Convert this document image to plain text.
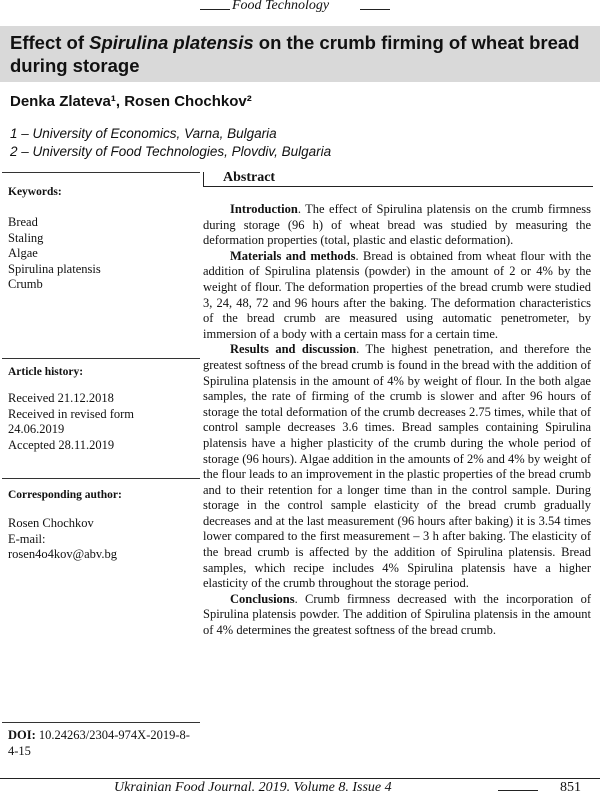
Food Technology
Effect of Spirulina platensis on the crumb firming of wheat bread during storage
Denka Zlateva¹, Rosen Chochkov²
1 – University of Economics, Varna, Bulgaria
2 – University of Food Technologies, Plovdiv, Bulgaria
Keywords:
Bread
Staling
Algae
Spirulina platensis
Crumb
Article history:
Received 21.12.2018
Received in revised form
24.06.2019
Accepted 28.11.2019
Corresponding author:
Rosen Chochkov
E-mail:
rosen4o4kov@abv.bg
DOI: 10.24263/2304-974X-2019-8-4-15
Abstract

Introduction. The effect of Spirulina platensis on the crumb firmness during storage (96 h) of wheat bread was studied by measuring the deformation properties (total, plastic and elastic deformation).

Materials and methods. Bread is obtained from wheat flour with the addition of Spirulina platensis (powder) in the amount of 2 or 4% by the weight of flour. The deformation properties of the bread crumb were studied 3, 24, 48, 72 and 96 hours after the baking. The deformation characteristics of the bread crumb are measured using automatic penetrometer, by immersion of a body with a certain mass for a certain time.

Results and discussion. The highest penetration, and therefore the greatest softness of the bread crumb is found in the bread with the addition of Spirulina platensis in the amount of 4% by weight of flour. In the both algae samples, the rate of firming of the crumb is slower and after 96 hours of storage the total deformation of the crumb decreases 2.75 times, while that of control sample decreases 3.6 times. Bread samples containing Spirulina platensis have a higher plasticity of the crumb during the whole period of storage (96 hours). Algae addition in the amounts of 2% and 4% by weight of the flour leads to an improvement in the plastic properties of the bread crumb and to their retention for a longer time than in the control sample. During storage in the control sample elasticity of the bread crumb gradually decreases and at the last measurement (96 hours after baking) it is 3.54 times lower compared to the first measurement – 3 h after baking. The elasticity of the bread crumb is affected by the addition of Spirulina platensis. Bread samples, which recipe includes 4% Spirulina platensis have a higher elasticity of the crumb throughout the storage period.

Conclusions. Crumb firmness decreased with the incorporation of Spirulina platensis powder. The addition of Spirulina platensis in the amount of 4% determines the greatest softness of the bread crumb.

Ukrainian Food Journal. 2019. Volume 8. Issue 4	851
